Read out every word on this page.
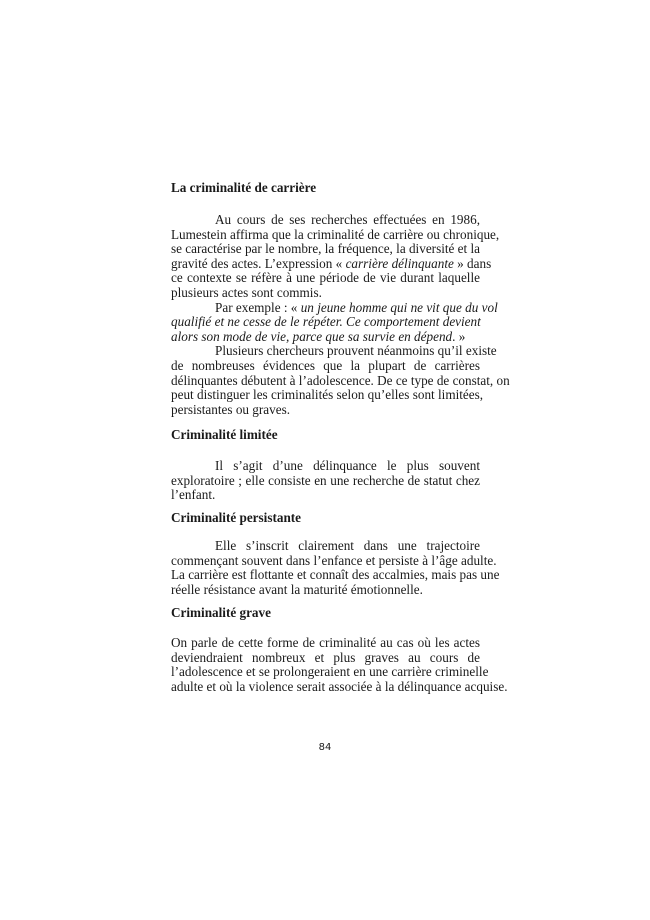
La criminalité de carrière
Au cours de ses recherches effectuées en 1986,
Lumestein affirma que la criminalité de carrière ou chronique,
se caractérise par le nombre, la fréquence, la diversité et la
gravité des actes. L’expression « carrière délinquante » dans
ce contexte se réfère à une période de vie durant laquelle
plusieurs actes sont commis.
Par exemple : « un jeune homme qui ne vit que du vol
qualifié et ne cesse de le répéter. Ce comportement devient
alors son mode de vie, parce que sa survie en dépend. »
Plusieurs chercheurs prouvent néanmoins qu’il existe
de nombreuses évidences que la plupart de carrières
délinquantes débutent à l’adolescence. De ce type de constat, on
peut distinguer les criminalités selon qu’elles sont limitées,
persistantes ou graves.
Criminalité limitée
Il s’agit d’une délinquance le plus souvent
exploratoire ; elle consiste en une recherche de statut chez
l’enfant.
Criminalité persistante
Elle s’inscrit clairement dans une trajectoire
commençant souvent dans l’enfance et persiste à l’âge adulte.
La carrière est flottante et connaît des accalmies, mais pas une
réelle résistance avant la maturité émotionnelle.
Criminalité grave
On parle de cette forme de criminalité au cas où les actes
deviendraient nombreux et plus graves au cours de
l’adolescence et se prolongeraient en une carrière criminelle
adulte et où la violence serait associée à la délinquance acquise.
84
